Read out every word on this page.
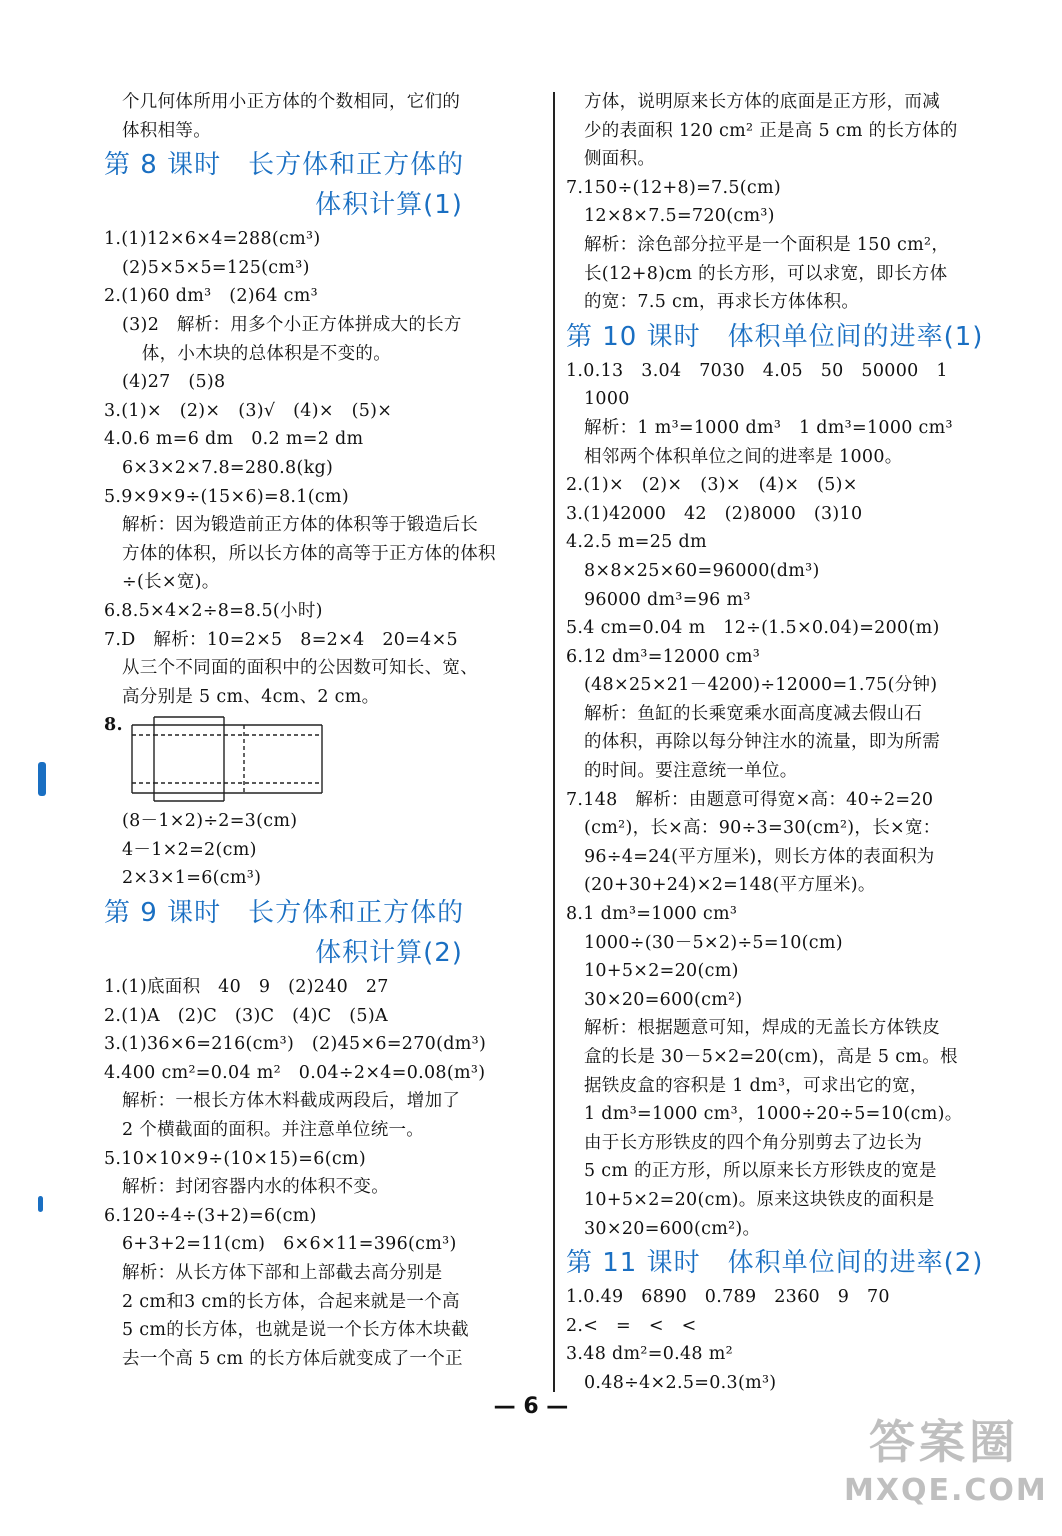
个几何体所用小正方体的个数相同，它们的
体积相等。
第 8 课时　长方体和正方体的
体积计算(1)
1.(1)12×6×4=288(cm³)
(2)5×5×5=125(cm³)
2.(1)60 dm³　(2)64 cm³
(3)2　解析：用多个小正方体拼成大的长方
　体，小木块的总体积是不变的。
(4)27　(5)8
3.(1)×　(2)×　(3)√　(4)×　(5)×
4.0.6 m=6 dm　0.2 m=2 dm
6×3×2×7.8=280.8(kg)
5.9×9×9÷(15×6)=8.1(cm)
解析：因为锻造前正方体的体积等于锻造后长
方体的体积，所以长方体的高等于正方体的体积
÷(长×宽)。
6.8.5×4×2÷8=8.5(小时)
7.D　解析：10=2×5　8=2×4　20=4×5
从三个不同面的面积中的公因数可知长、宽、
高分别是 5 cm、4cm、2 cm。
8.
(8－1×2)÷2=3(cm)
4－1×2=2(cm)
2×3×1=6(cm³)
第 9 课时　长方体和正方体的
体积计算(2)
1.(1)底面积　40　9　(2)240　27
2.(1)A　(2)C　(3)C　(4)C　(5)A
3.(1)36×6=216(cm³)　(2)45×6=270(dm³)
4.400 cm²=0.04 m²　0.04÷2×4=0.08(m³)
解析：一根长方体木料截成两段后，增加了
2 个横截面的面积。并注意单位统一。
5.10×10×9÷(10×15)=6(cm)
解析：封闭容器内水的体积不变。
6.120÷4÷(3+2)=6(cm)
6+3+2=11(cm)　6×6×11=396(cm³)
解析：从长方体下部和上部截去高分别是
2 cm和3 cm的长方体，合起来就是一个高
5 cm的长方体，也就是说一个长方体木块截
去一个高 5 cm 的长方体后就变成了一个正
方体，说明原来长方体的底面是正方形，而减
少的表面积 120 cm² 正是高 5 cm 的长方体的
侧面积。
7.150÷(12+8)=7.5(cm)
12×8×7.5=720(cm³)
解析：涂色部分拉平是一个面积是 150 cm²，
长(12+8)cm 的长方形，可以求宽，即长方体
的宽：7.5 cm，再求长方体体积。
第 10 课时　体积单位间的进率(1)
1.0.13　3.04　7030　4.05　50　50000　1
1000
解析：1 m³=1000 dm³　1 dm³=1000 cm³
相邻两个体积单位之间的进率是 1000。
2.(1)×　(2)×　(3)×　(4)×　(5)×
3.(1)42000　42　(2)8000　(3)10
4.2.5 m=25 dm
8×8×25×60=96000(dm³)
96000 dm³=96 m³
5.4 cm=0.04 m　12÷(1.5×0.04)=200(m)
6.12 dm³=12000 cm³
(48×25×21－4200)÷12000=1.75(分钟)
解析：鱼缸的长乘宽乘水面高度减去假山石
的体积，再除以每分钟注水的流量，即为所需
的时间。要注意统一单位。
7.148　解析：由题意可得宽×高：40÷2=20
(cm²)，长×高：90÷3=30(cm²)，长×宽：
96÷4=24(平方厘米)，则长方体的表面积为
(20+30+24)×2=148(平方厘米)。
8.1 dm³=1000 cm³
1000÷(30－5×2)÷5=10(cm)
10+5×2=20(cm)
30×20=600(cm²)
解析：根据题意可知，焊成的无盖长方体铁皮
盒的长是 30－5×2=20(cm)，高是 5 cm。根
据铁皮盒的容积是 1 dm³，可求出它的宽，
1 dm³=1000 cm³，1000÷20÷5=10(cm)。
由于长方形铁皮的四个角分别剪去了边长为
5 cm 的正方形，所以原来长方形铁皮的宽是
10+5×2=20(cm)。原来这块铁皮的面积是
30×20=600(cm²)。
第 11 课时　体积单位间的进率(2)
1.0.49　6890　0.789　2360　9　70
2.<　=　<　<
3.48 dm²=0.48 m²
0.48÷4×2.5=0.3(m³)
— 6 —
答案圈
MXQE.COM
